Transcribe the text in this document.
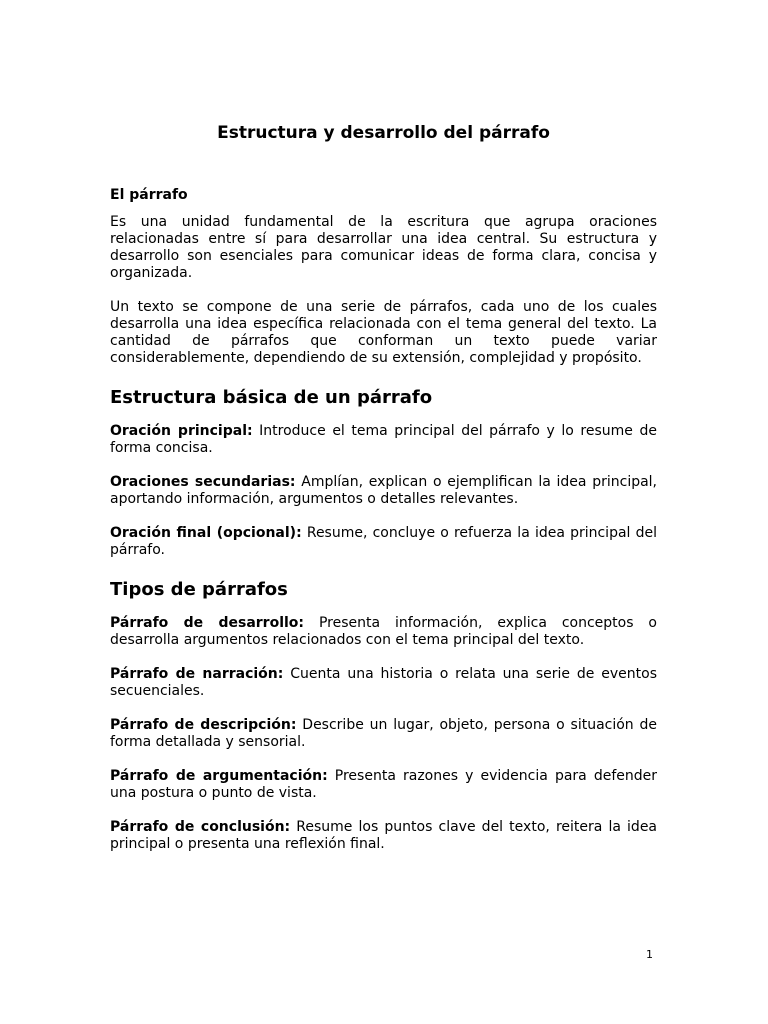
Estructura y desarrollo del párrafo
El párrafo

Es una unidad fundamental de la escritura que agrupa oraciones relacionadas entre sí para desarrollar una idea central. Su estructura y desarrollo son esenciales para comunicar ideas de forma clara, concisa y organizada.

Un texto se compone de una serie de párrafos, cada uno de los cuales desarrolla una idea específica relacionada con el tema general del texto. La cantidad de párrafos que conforman un texto puede variar considerablemente, dependiendo de su extensión, complejidad y propósito.

Estructura básica de un párrafo

Oración principal: Introduce el tema principal del párrafo y lo resume de forma concisa.

Oraciones secundarias: Amplían, explican o ejemplifican la idea principal, aportando información, argumentos o detalles relevantes.

Oración final (opcional): Resume, concluye o refuerza la idea principal del párrafo.

Tipos de párrafos

Párrafo de desarrollo: Presenta información, explica conceptos o desarrolla argumentos relacionados con el tema principal del texto.

Párrafo de narración: Cuenta una historia o relata una serie de eventos secuenciales.

Párrafo de descripción: Describe un lugar, objeto, persona o situación de forma detallada y sensorial.

Párrafo de argumentación: Presenta razones y evidencia para defender una postura o punto de vista.

Párrafo de conclusión: Resume los puntos clave del texto, reitera la idea principal o presenta una reflexión final.

1
